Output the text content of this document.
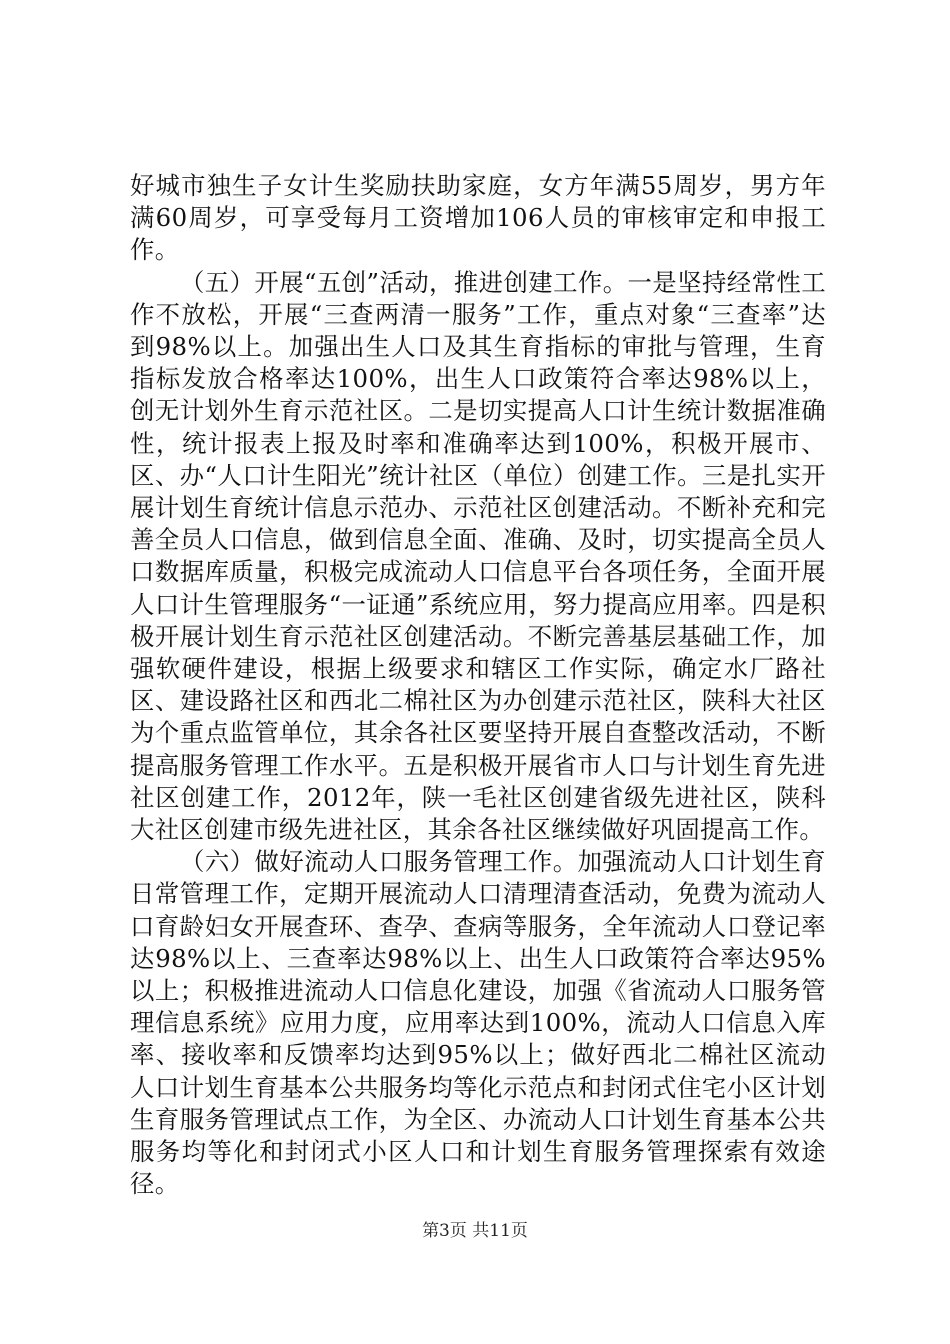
好城市独生子女计生奖励扶助家庭，女方年满55周岁，男方年满60周岁，可享受每月工资增加106人员的审核审定和申报工作。

（五）开展“五创”活动，推进创建工作。一是坚持经常性工作不放松，开展“三查两清一服务”工作，重点对象“三查率”达到98%以上。加强出生人口及其生育指标的审批与管理，生育指标发放合格率达100%，出生人口政策符合率达98%以上，创无计划外生育示范社区。二是切实提高人口计生统计数据准确性，统计报表上报及时率和准确率达到100%，积极开展市、区、办“人口计生阳光”统计社区（单位）创建工作。三是扎实开展计划生育统计信息示范办、示范社区创建活动。不断补充和完善全员人口信息，做到信息全面、准确、及时，切实提高全员人口数据库质量，积极完成流动人口信息平台各项任务，全面开展人口计生管理服务“一证通”系统应用，努力提高应用率。四是积极开展计划生育示范社区创建活动。不断完善基层基础工作，加强软硬件建设，根据上级要求和辖区工作实际，确定水厂路社区、建设路社区和西北二棉社区为办创建示范社区，陕科大社区为个重点监管单位，其余各社区要坚持开展自查整改活动，不断提高服务管理工作水平。五是积极开展省市人口与计划生育先进社区创建工作，2012年，陕一毛社区创建省级先进社区，陕科大社区创建市级先进社区，其余各社区继续做好巩固提高工作。

（六）做好流动人口服务管理工作。加强流动人口计划生育日常管理工作，定期开展流动人口清理清查活动，免费为流动人口育龄妇女开展查环、查孕、查病等服务，全年流动人口登记率达98%以上、三查率达98%以上、出生人口政策符合率达95%以上；积极推进流动人口信息化建设，加强《省流动人口服务管理信息系统》应用力度，应用率达到100%，流动人口信息入库率、接收率和反馈率均达到95%以上；做好西北二棉社区流动人口计划生育基本公共服务均等化示范点和封闭式住宅小区计划生育服务管理试点工作，为全区、办流动人口计划生育基本公共服务均等化和封闭式小区人口和计划生育服务管理探索有效途径。

第3页 共11页
